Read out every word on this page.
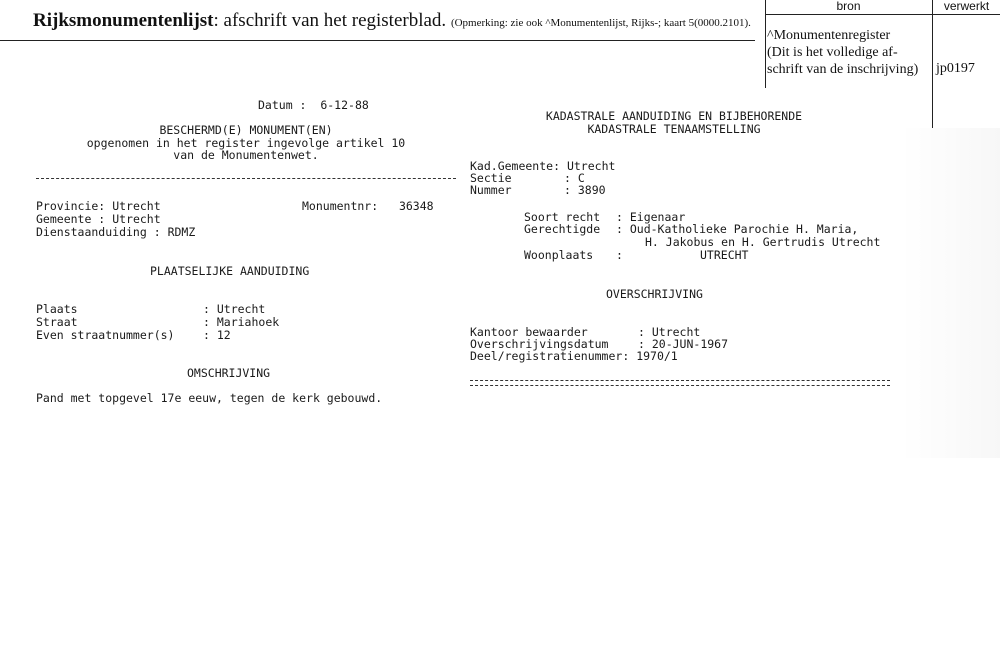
Rijksmonumentenlijst: afschrift van het registerblad. (Opmerking: zie ook ^Monumentenlijst, Rijks-; kaart 5(0000.2101).
bron	verwerkt
^Monumentenregister
(Dit is het volledige af-
schrift van de inschrijving)	jp0197
Datum :  6-12-88
BESCHERMD(E) MONUMENT(EN)
opgenomen in het register ingevolge artikel 10
van de Monumentenwet.
Provincie: Utrecht	Monumentnr: 36348
Gemeente : Utrecht
Dienstaanduiding : RDMZ
PLAATSELIJKE AANDUIDING
Plaats	: Utrecht
Straat	: Mariahoek
Even straatnummer(s) : 12
OMSCHRIJVING
Pand met topgevel 17e eeuw, tegen de kerk gebouwd.
KADASTRALE AANDUIDING EN BIJBEHORENDE
KADASTRALE TENAAMSTELLING
Kad.Gemeente: Utrecht
Sectie	: C
Nummer	: 3890
Soort recht : Eigenaar
Gerechtigde : Oud-Katholieke Parochie H. Maria,
H. Jakobus en H. Gertrudis Utrecht
Woonplaats :	UTRECHT
OVERSCHRIJVING
Kantoor bewaarder	: Utrecht
Overschrijvingsdatum	: 20-JUN-1967
Deel/registratienummer: 1970/1
